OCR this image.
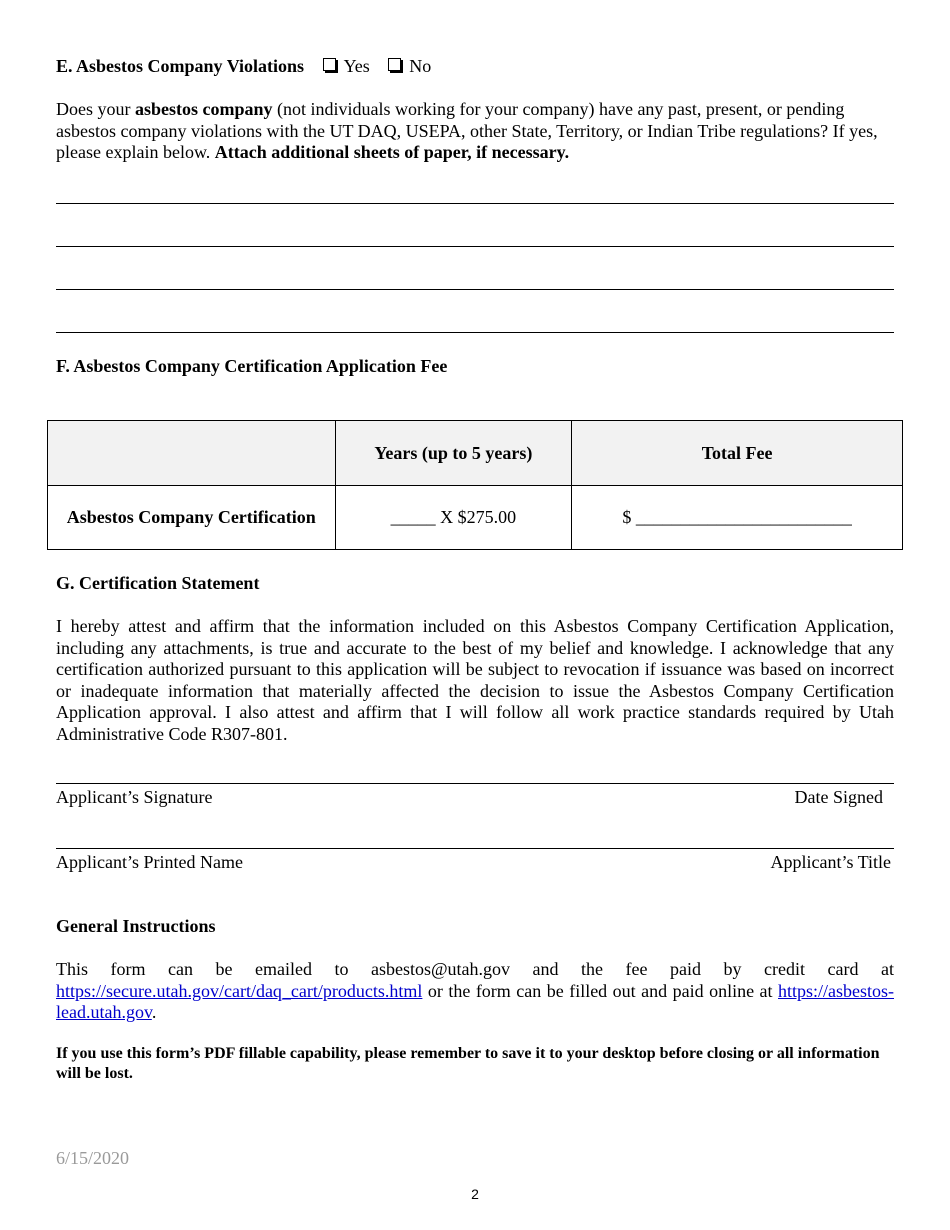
E. Asbestos Company Violations Yes No
Does your asbestos company (not individuals working for your company) have any past, present, or pending asbestos company violations with the UT DAQ, USEPA, other State, Territory, or Indian Tribe regulations? If yes, please explain below. Attach additional sheets of paper, if necessary.
F. Asbestos Company Certification Application Fee
	Years (up to 5 years)	Total Fee
Asbestos Company Certification	_____ X $275.00	$ ________________________
G. Certification Statement
I hereby attest and affirm that the information included on this Asbestos Company Certification Application, including any attachments, is true and accurate to the best of my belief and knowledge. I acknowledge that any certification authorized pursuant to this application will be subject to revocation if issuance was based on incorrect or inadequate information that materially affected the decision to issue the Asbestos Company Certification Application approval. I also attest and affirm that I will follow all work practice standards required by Utah Administrative Code R307-801.
Applicant’s Signature	Date Signed
Applicant’s Printed Name	Applicant’s Title
General Instructions
This form can be emailed to asbestos@utah.gov and the fee paid by credit card at https://secure.utah.gov/cart/daq_cart/products.html or the form can be filled out and paid online at https://asbestos-lead.utah.gov.
If you use this form’s PDF fillable capability, please remember to save it to your desktop before closing or all information will be lost.
6/15/2020
2
